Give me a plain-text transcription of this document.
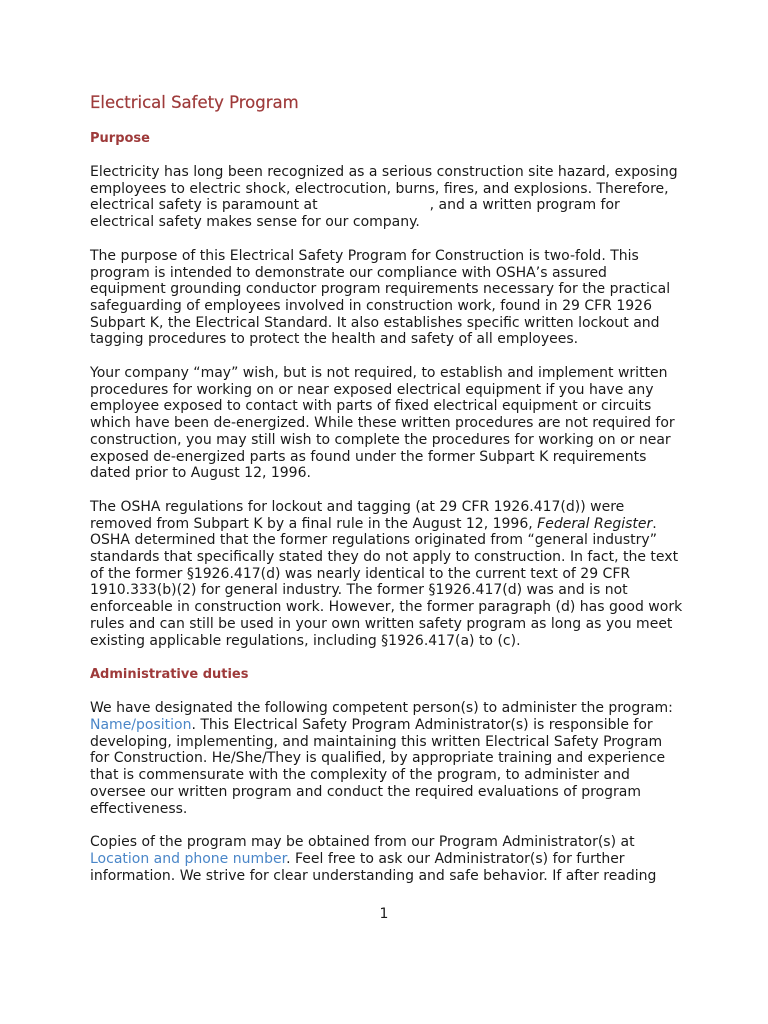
Electrical Safety Program
Purpose

Electricity has long been recognized as a serious construction site hazard, exposing
employees to electric shock, electrocution, burns, fires, and explosions. Therefore,
electrical safety is paramount at	, and a written program for
electrical safety makes sense for our company.

The purpose of this Electrical Safety Program for Construction is two-fold. This
program is intended to demonstrate our compliance with OSHA’s assured
equipment grounding conductor program requirements necessary for the practical
safeguarding of employees involved in construction work, found in 29 CFR 1926
Subpart K, the Electrical Standard. It also establishes specific written lockout and
tagging procedures to protect the health and safety of all employees.

Your company “may” wish, but is not required, to establish and implement written
procedures for working on or near exposed electrical equipment if you have any
employee exposed to contact with parts of fixed electrical equipment or circuits
which have been de-energized. While these written procedures are not required for
construction, you may still wish to complete the procedures for working on or near
exposed de-energized parts as found under the former Subpart K requirements
dated prior to August 12, 1996.

The OSHA regulations for lockout and tagging (at 29 CFR 1926.417(d)) were
removed from Subpart K by a final rule in the August 12, 1996, Federal Register.
OSHA determined that the former regulations originated from “general industry”
standards that specifically stated they do not apply to construction. In fact, the text
of the former §1926.417(d) was nearly identical to the current text of 29 CFR
1910.333(b)(2) for general industry. The former §1926.417(d) was and is not
enforceable in construction work. However, the former paragraph (d) has good work
rules and can still be used in your own written safety program as long as you meet
existing applicable regulations, including §1926.417(a) to (c).

Administrative duties

We have designated the following competent person(s) to administer the program:
Name/position. This Electrical Safety Program Administrator(s) is responsible for
developing, implementing, and maintaining this written Electrical Safety Program
for Construction. He/She/They is qualified, by appropriate training and experience
that is commensurate with the complexity of the program, to administer and
oversee our written program and conduct the required evaluations of program
effectiveness.

Copies of the program may be obtained from our Program Administrator(s) at
Location and phone number. Feel free to ask our Administrator(s) for further
information. We strive for clear understanding and safe behavior. If after reading

1
